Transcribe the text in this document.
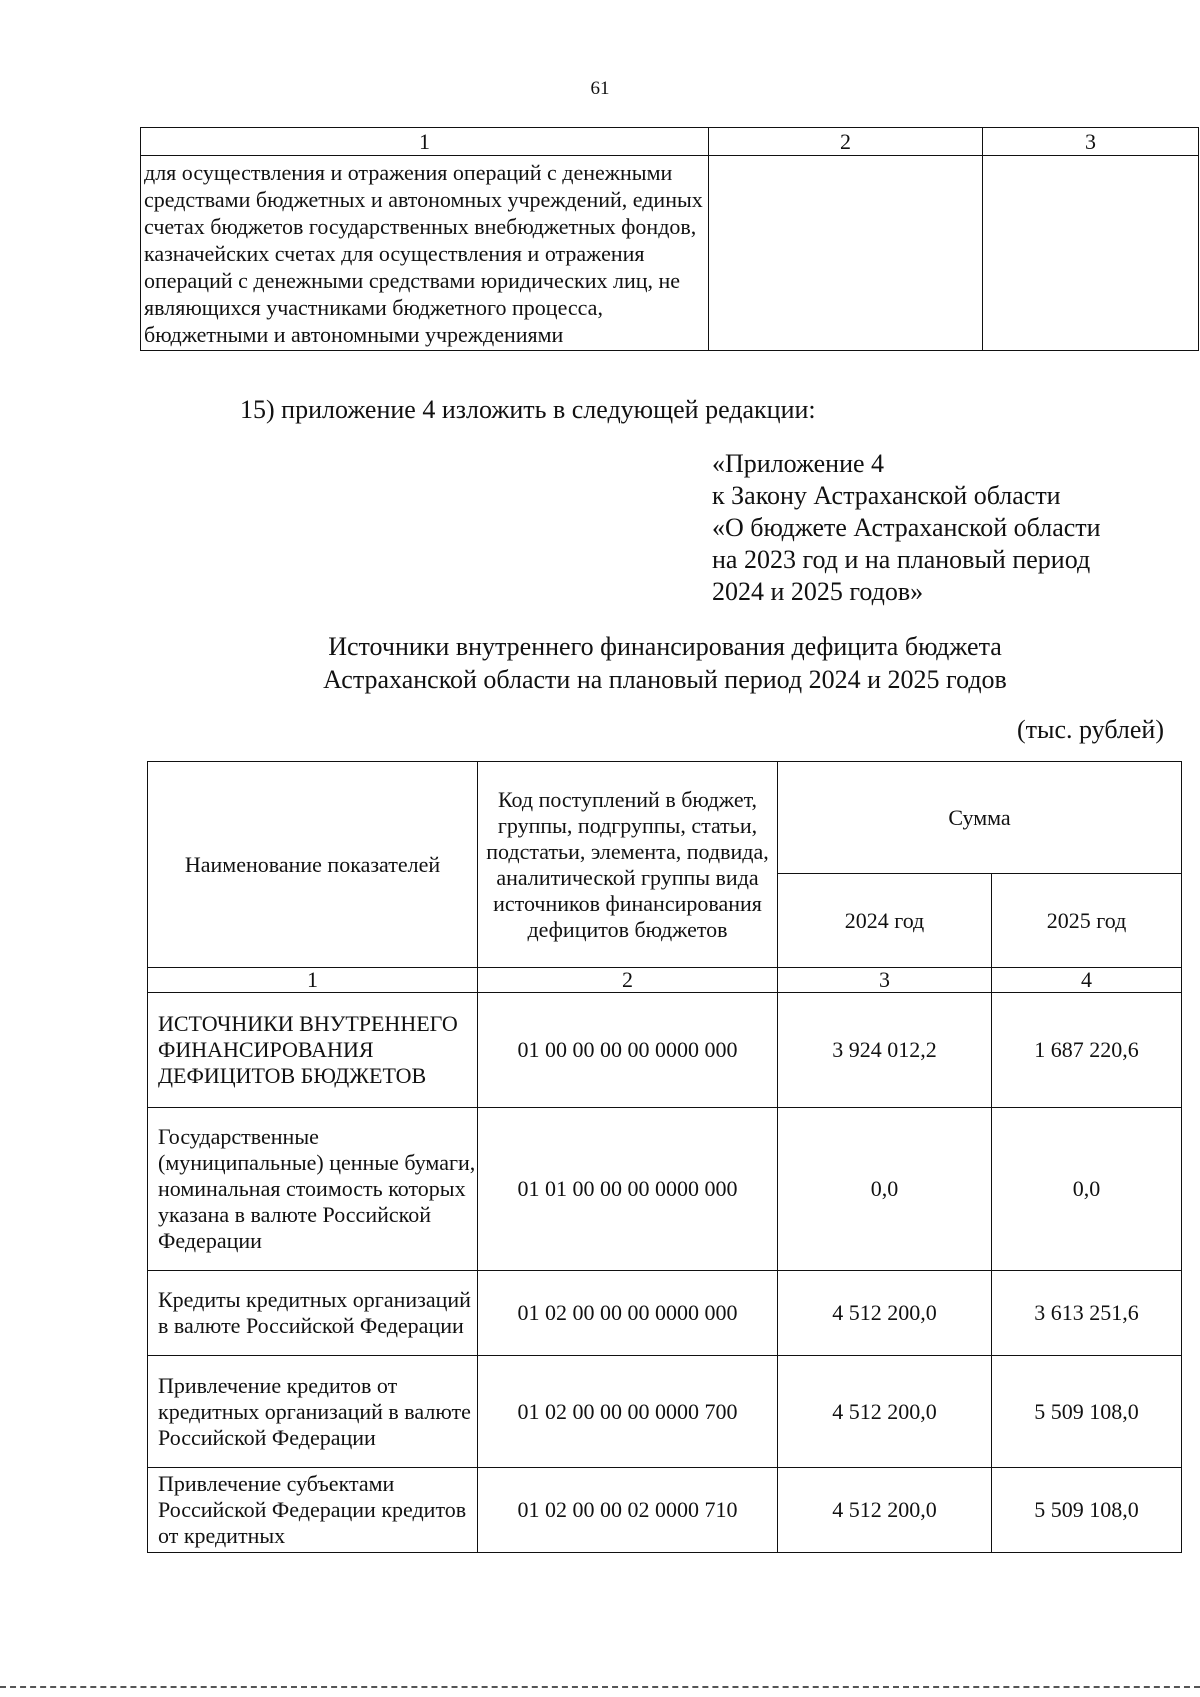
61
1	2	3
для осуществления и отражения операций с денежными средствами бюджетных и автономных учреждений, единых счетах бюджетов государственных внебюджетных фондов, казначейских счетах для осуществления и отражения операций с денежными средствами юридических лиц, не являющихся участниками бюджетного процесса, бюджетными и автономными учреждениями		
15) приложение 4 изложить в следующей редакции:
«Приложение 4
к Закону Астраханской области
«О бюджете Астраханской области
на 2023 год и на плановый период
2024 и 2025 годов»
Источники внутреннего финансирования дефицита бюджета
Астраханской области на плановый период 2024 и 2025 годов
(тыс. рублей)
Наименование показателей	Код поступлений в бюджет, группы, подгруппы, статьи, подстатьи, элемента, подвида, аналитической группы вида источников финансирования дефицитов бюджетов	Сумма	
		2024 год	2025 год
1	2	3	4
ИСТОЧНИКИ ВНУТРЕННЕГО ФИНАНСИРОВАНИЯ ДЕФИЦИТОВ БЮДЖЕТОВ	01 00 00 00 00 0000 000	3 924 012,2	1 687 220,6
Государственные (муниципальные) ценные бумаги, номинальная стоимость которых указана в валюте Российской Федерации	01 01 00 00 00 0000 000	0,0	0,0
Кредиты кредитных организаций в валюте Российской Федерации	01 02 00 00 00 0000 000	4 512 200,0	3 613 251,6
Привлечение кредитов от кредитных организаций в валюте Российской Федерации	01 02 00 00 00 0000 700	4 512 200,0	5 509 108,0
Привлечение субъектами Российской Федерации кредитов от кредитных	01 02 00 00 02 0000 710	4 512 200,0	5 509 108,0
